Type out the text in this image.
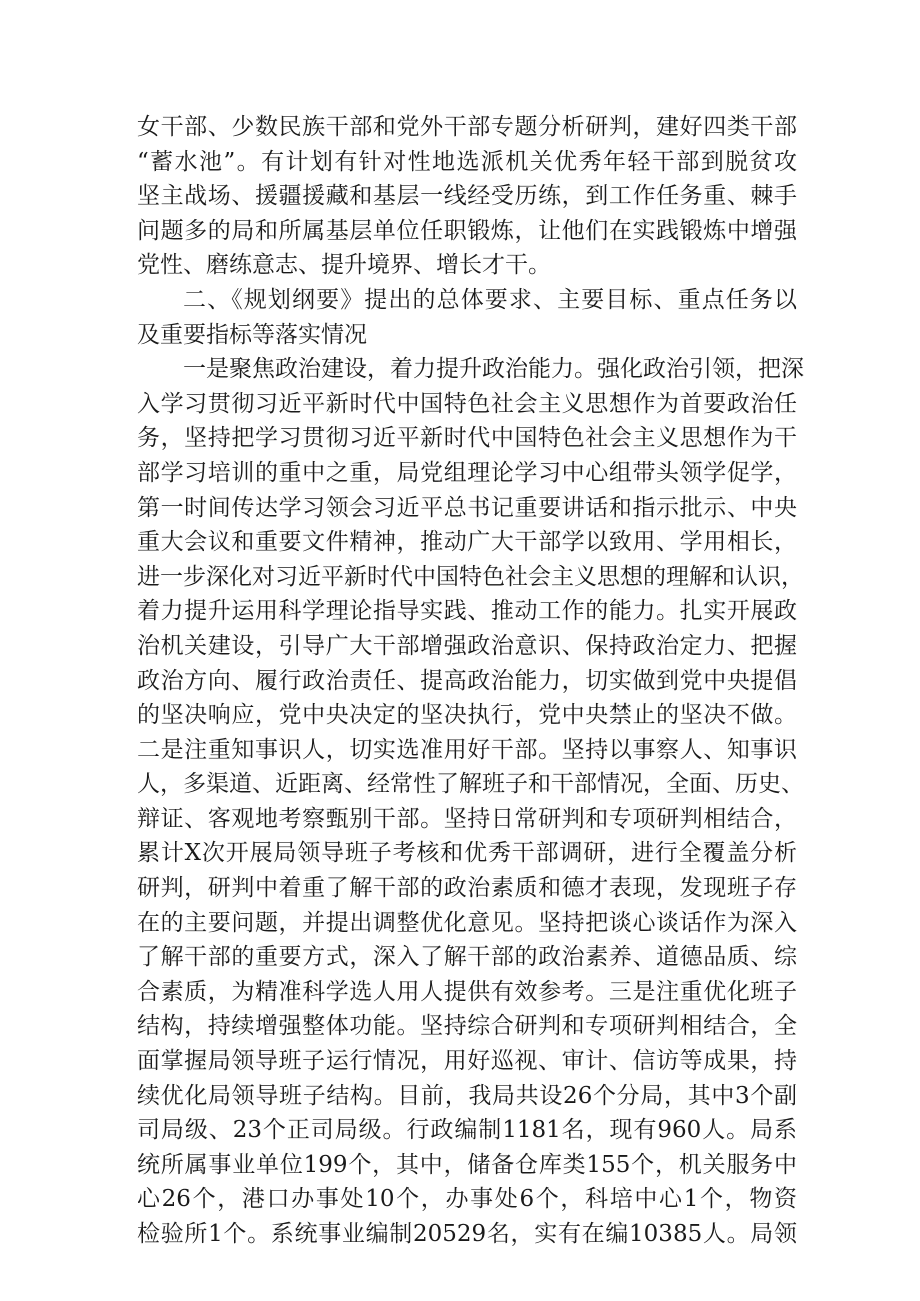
女干部、少数民族干部和党外干部专题分析研判，建好四类干部
“蓄水池”。有计划有针对性地选派机关优秀年轻干部到脱贫攻
坚主战场、援疆援藏和基层一线经受历练，到工作任务重、棘手
问题多的局和所属基层单位任职锻炼，让他们在实践锻炼中增强
党性、磨练意志、提升境界、增长才干。
二、《规划纲要》提出的总体要求、主要目标、重点任务以
及重要指标等落实情况
一是聚焦政治建设，着力提升政治能力。强化政治引领，把深
入学习贯彻习近平新时代中国特色社会主义思想作为首要政治任
务，坚持把学习贯彻习近平新时代中国特色社会主义思想作为干
部学习培训的重中之重，局党组理论学习中心组带头领学促学，
第一时间传达学习领会习近平总书记重要讲话和指示批示、中央
重大会议和重要文件精神，推动广大干部学以致用、学用相长，
进一步深化对习近平新时代中国特色社会主义思想的理解和认识，
着力提升运用科学理论指导实践、推动工作的能力。扎实开展政
治机关建设，引导广大干部增强政治意识、保持政治定力、把握
政治方向、履行政治责任、提高政治能力，切实做到党中央提倡
的坚决响应，党中央决定的坚决执行，党中央禁止的坚决不做。
二是注重知事识人，切实选准用好干部。坚持以事察人、知事识
人，多渠道、近距离、经常性了解班子和干部情况，全面、历史、
辩证、客观地考察甄别干部。坚持日常研判和专项研判相结合，
累计X次开展局领导班子考核和优秀干部调研，进行全覆盖分析
研判，研判中着重了解干部的政治素质和德才表现，发现班子存
在的主要问题，并提出调整优化意见。坚持把谈心谈话作为深入
了解干部的重要方式，深入了解干部的政治素养、道德品质、综
合素质，为精准科学选人用人提供有效参考。三是注重优化班子
结构，持续增强整体功能。坚持综合研判和专项研判相结合，全
面掌握局领导班子运行情况，用好巡视、审计、信访等成果，持
续优化局领导班子结构。目前，我局共设26个分局，其中3个副
司局级、23个正司局级。行政编制1181名，现有960人。局系
统所属事业单位199个，其中，储备仓库类155个，机关服务中
心26个，港口办事处10个，办事处6个，科培中心1个，物资
检验所1个。系统事业编制20529名，实有在编10385人。局领
